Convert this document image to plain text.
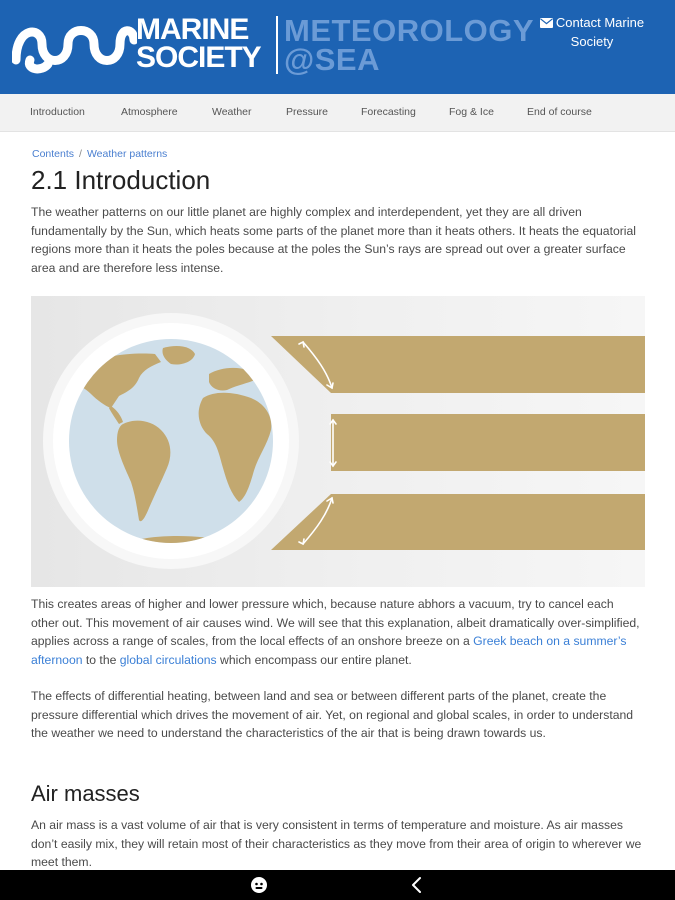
MARINE
SOCIETY
METEOROLOGY
@SEA
Contact Marine
Society
Introduction	Atmosphere	Weather	Pressure	Forecasting	Fog & Ice	End of course
Contents / Weather patterns
2.1 Introduction

The weather patterns on our little planet are highly complex and interdependent, yet they are all driven fundamentally by the Sun, which heats some parts of the planet more than it heats others. It heats the equatorial regions more than it heats the poles because at the poles the Sun’s rays are spread out over a greater surface area and are therefore less intense.

This creates areas of higher and lower pressure which, because nature abhors a vacuum, try to cancel each other out. This movement of air causes wind. We will see that this explanation, albeit dramatically over-simplified, applies across a range of scales, from the local effects of an onshore breeze on a Greek beach on a summer’s afternoon to the global circulations which encompass our entire planet.

The effects of differential heating, between land and sea or between different parts of the planet, create the pressure differential which drives the movement of air. Yet, on regional and global scales, in order to understand the weather we need to understand the characteristics of the air that is being drawn towards us.

Air masses

An air mass is a vast volume of air that is very consistent in terms of temperature and moisture. As air masses don’t easily mix, they will retain most of their characteristics as they move from their area of origin to wherever we meet them.
